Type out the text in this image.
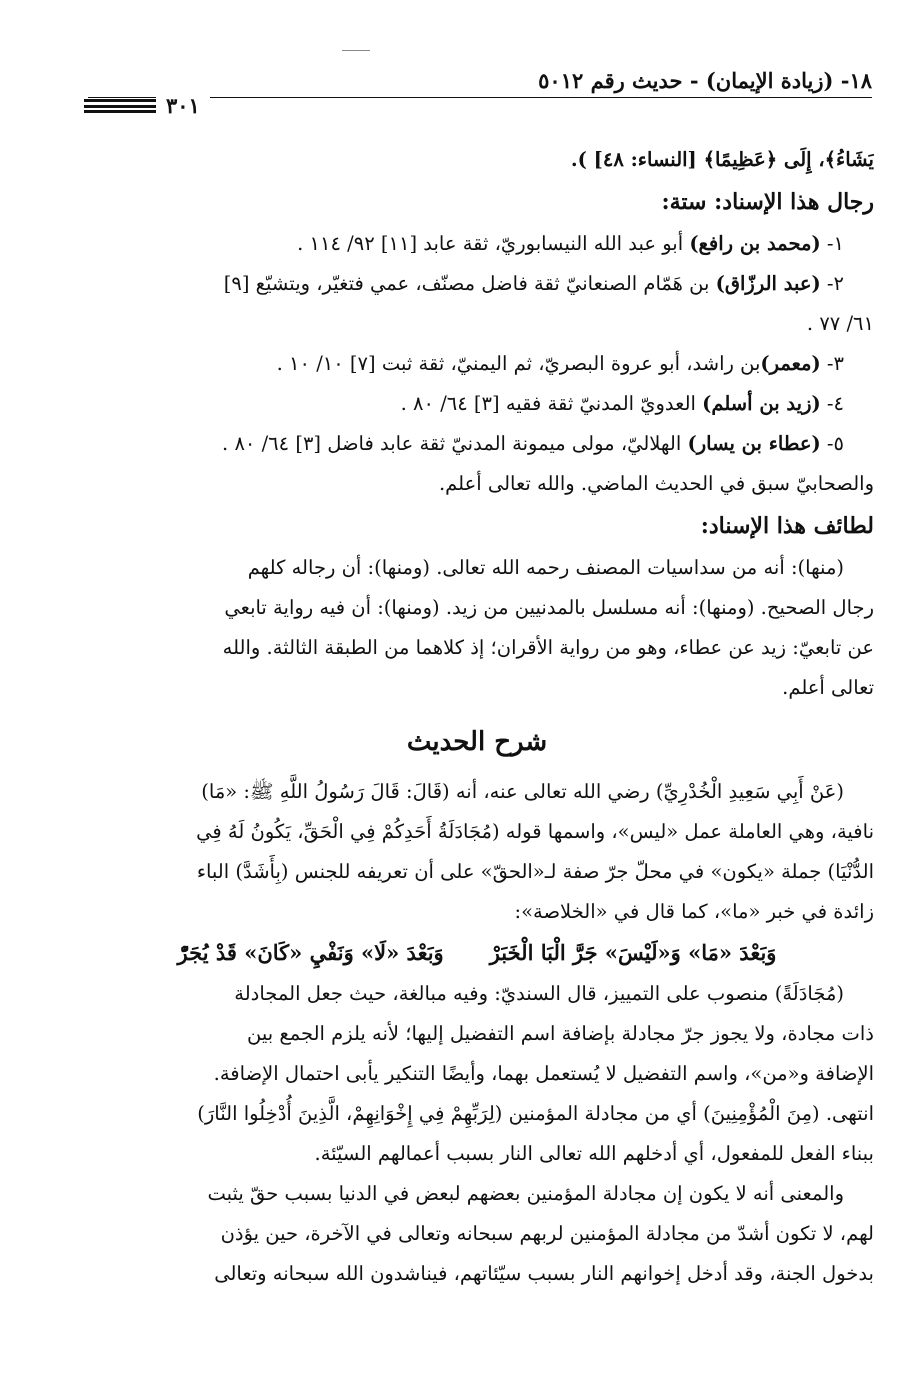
١٨- (زيادة الإيمان) - حديث رقم ٥٠١٢
٣٠١
يَشَاءُ﴾، إِلَى ﴿عَظِيمًا﴾ [النساء: ٤٨] ).
رجال هذا الإسناد: ستة:
١- (محمد بن رافع) أبو عبد الله النيسابوريّ، ثقة عابد [١١] ٩٢/ ١١٤ .
٢- (عبد الرزّاق) بن هَمّام الصنعانيّ ثقة فاضل مصنّف، عمي فتغيّر، ويتشيّع [٩]
٦١/ ٧٧ .
٣- (معمر)بن راشد، أبو عروة البصريّ، ثم اليمنيّ، ثقة ثبت [٧] ١٠/ ١٠ .
٤- (زيد بن أسلم) العدويّ المدنيّ ثقة فقيه [٣] ٦٤/ ٨٠ .
٥- (عطاء بن يسار) الهلاليّ، مولى ميمونة المدنيّ ثقة عابد فاضل [٣] ٦٤/ ٨٠ .
والصحابيّ سبق في الحديث الماضي. والله تعالى أعلم.
لطائف هذا الإسناد:
(منها): أنه من سداسيات المصنف رحمه الله تعالى. (ومنها): أن رجاله كلهم
رجال الصحيح. (ومنها): أنه مسلسل بالمدنيين من زيد. (ومنها): أن فيه رواية تابعي
عن تابعيّ: زيد عن عطاء، وهو من رواية الأقران؛ إذ كلاهما من الطبقة الثالثة. والله
تعالى أعلم.
شرح الحديث
(عَنْ أَبِي سَعِيدِ الْخُدْرِيِّ) رضي الله تعالى عنه، أنه (قَالَ: قَالَ رَسُولُ اللَّهِ ﷺ: «مَا)
نافية، وهي العاملة عمل «ليس»، واسمها قوله (مُجَادَلَةُ أَحَدِكُمْ فِي الْحَقِّ، يَكُونُ لَهُ فِي
الدُّنْيَا) جملة «يكون» في محلّ جرّ صفة لـ«الحقّ» على أن تعريفه للجنس (بِأَشَدَّ) الباء
زائدة في خبر «ما»، كما قال في «الخلاصة»:
وَبَعْدَ «مَا» وَ«لَيْسَ» جَرَّ الْبَا الْخَبَرْ
وَبَعْدَ «لَا» وَنَفْيِ «كَانَ» قَدْ يُجَرّْ
(مُجَادَلَةً) منصوب على التمييز، قال السنديّ: وفيه مبالغة، حيث جعل المجادلة
ذات مجادة، ولا يجوز جرّ مجادلة بإضافة اسم التفضيل إليها؛ لأنه يلزم الجمع بين
الإضافة و«من»، واسم التفضيل لا يُستعمل بهما، وأيضًا التنكير يأبى احتمال الإضافة.
انتهى. (مِنَ الْمُؤْمِنِينَ) أي من مجادلة المؤمنين (لِرَبِّهِمْ فِي إِخْوَانِهِمْ، الَّذِينَ أُدْخِلُوا النَّارَ)
ببناء الفعل للمفعول، أي أدخلهم الله تعالى النار بسبب أعمالهم السيّئة.
والمعنى أنه لا يكون إن مجادلة المؤمنين بعضهم لبعض في الدنيا بسبب حقّ يثبت
لهم، لا تكون أشدّ من مجادلة المؤمنين لربهم سبحانه وتعالى في الآخرة، حين يؤذن
بدخول الجنة، وقد أدخل إخوانهم النار بسبب سيّئاتهم، فيناشدون الله سبحانه وتعالى
